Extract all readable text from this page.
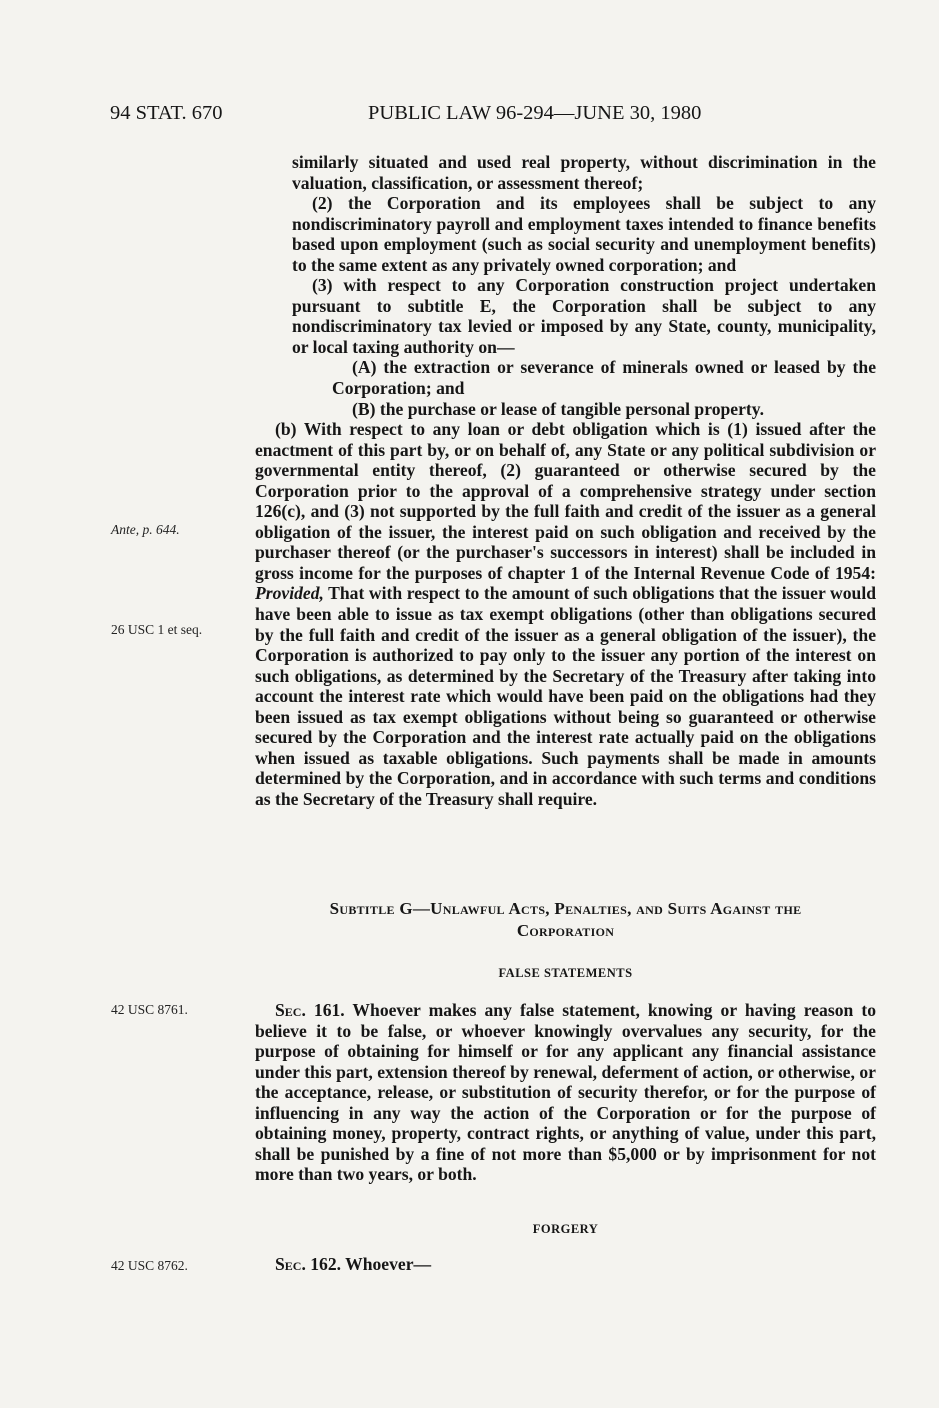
94 STAT. 670	PUBLIC LAW 96-294—JUNE 30, 1980
Ante, p. 644.
26 USC 1 et seq.
42 USC 8761.
42 USC 8762.

similarly situated and used real property, without discrimination in the valuation, classification, or assessment thereof;

(2) the Corporation and its employees shall be subject to any nondiscriminatory payroll and employment taxes intended to finance benefits based upon employment (such as social security and unemployment benefits) to the same extent as any privately owned corporation; and

(3) with respect to any Corporation construction project undertaken pursuant to subtitle E, the Corporation shall be subject to any nondiscriminatory tax levied or imposed by any State, county, municipality, or local taxing authority on—

(A) the extraction or severance of minerals owned or leased by the Corporation; and

(B) the purchase or lease of tangible personal property.

(b) With respect to any loan or debt obligation which is (1) issued after the enactment of this part by, or on behalf of, any State or any political subdivision or governmental entity thereof, (2) guaranteed or otherwise secured by the Corporation prior to the approval of a comprehensive strategy under section 126(c), and (3) not supported by the full faith and credit of the issuer as a general obligation of the issuer, the interest paid on such obligation and received by the purchaser thereof (or the purchaser's successors in interest) shall be included in gross income for the purposes of chapter 1 of the Internal Revenue Code of 1954: Provided, That with respect to the amount of such obligations that the issuer would have been able to issue as tax exempt obligations (other than obligations secured by the full faith and credit of the issuer as a general obligation of the issuer), the Corporation is authorized to pay only to the issuer any portion of the interest on such obligations, as determined by the Secretary of the Treasury after taking into account the interest rate which would have been paid on the obligations had they been issued as tax exempt obligations without being so guaranteed or otherwise secured by the Corporation and the interest rate actually paid on the obligations when issued as taxable obligations. Such payments shall be made in amounts determined by the Corporation, and in accordance with such terms and conditions as the Secretary of the Treasury shall require.

Subtitle G—Unlawful Acts, Penalties, and Suits Against the
Corporation
FALSE STATEMENTS

Sec. 161. Whoever makes any false statement, knowing or having reason to believe it to be false, or whoever knowingly overvalues any security, for the purpose of obtaining for himself or for any applicant any financial assistance under this part, extension thereof by renewal, deferment of action, or otherwise, or the acceptance, release, or substitution of security therefor, or for the purpose of influencing in any way the action of the Corporation or for the purpose of obtaining money, property, contract rights, or anything of value, under this part, shall be punished by a fine of not more than $5,000 or by imprisonment for not more than two years, or both.

FORGERY

Sec. 162. Whoever—
